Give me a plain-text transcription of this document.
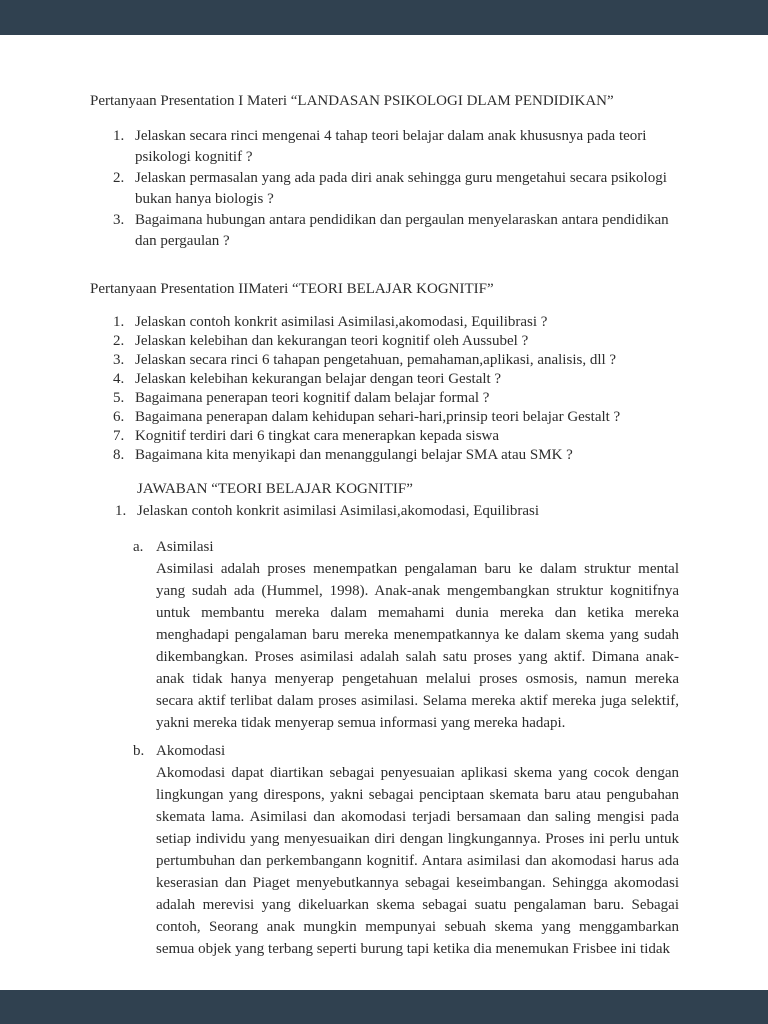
Pertanyaan Presentation I Materi “LANDASAN PSIKOLOGI DLAM PENDIDIKAN”

1. Jelaskan secara rinci mengenai 4 tahap teori belajar dalam anak khususnya pada teori psikologi kognitif ?
2. Jelaskan permasalan yang ada pada diri anak sehingga guru mengetahui secara psikologi bukan hanya biologis ?
3. Bagaimana hubungan antara pendidikan dan pergaulan menyelaraskan antara pendidikan dan pergaulan ?

Pertanyaan Presentation IIMateri “TEORI BELAJAR KOGNITIF”

1. Jelaskan contoh konkrit asimilasi Asimilasi,akomodasi, Equilibrasi ?
2. Jelaskan kelebihan dan kekurangan teori kognitif oleh Aussubel ?
3. Jelaskan secara rinci 6 tahapan pengetahuan, pemahaman,aplikasi, analisis, dll ?
4. Jelaskan kelebihan kekurangan belajar dengan teori Gestalt ?
5. Bagaimana penerapan teori kognitif dalam belajar formal ?
6. Bagaimana penerapan dalam kehidupan sehari-hari,prinsip teori belajar Gestalt ?
7. Kognitif terdiri dari 6 tingkat cara menerapkan kepada siswa
8. Bagaimana kita menyikapi dan menanggulangi belajar SMA atau SMK ?

JAWABAN “TEORI BELAJAR KOGNITIF”

1. Jelaskan contoh konkrit asimilasi Asimilasi,akomodasi, Equilibrasi
a. Asimilasi
Asimilasi adalah proses menempatkan pengalaman baru ke dalam struktur mental yang sudah ada (Hummel, 1998). Anak-anak mengembangkan struktur kognitifnya untuk membantu mereka dalam memahami dunia mereka dan ketika mereka menghadapi pengalaman baru mereka menempatkannya ke dalam skema yang sudah dikembangkan. Proses asimilasi adalah salah satu proses yang aktif. Dimana anak-anak tidak hanya menyerap pengetahuan melalui proses osmosis, namun mereka secara aktif terlibat dalam proses asimilasi. Selama mereka aktif mereka juga selektif, yakni mereka tidak menyerap semua informasi yang mereka hadapi.
b. Akomodasi
Akomodasi dapat diartikan sebagai penyesuaian aplikasi skema yang cocok dengan lingkungan yang direspons, yakni sebagai penciptaan skemata baru atau pengubahan skemata lama. Asimilasi dan akomodasi terjadi bersamaan dan saling mengisi pada setiap individu yang menyesuaikan diri dengan lingkungannya. Proses ini perlu untuk pertumbuhan dan perkembangann kognitif. Antara asimilasi dan akomodasi harus ada keserasian dan Piaget menyebutkannya sebagai keseimbangan. Sehingga akomodasi adalah merevisi yang dikeluarkan skema sebagai suatu pengalaman baru. Sebagai contoh, Seorang anak mungkin mempunyai sebuah skema yang menggambarkan semua objek yang terbang seperti burung tapi ketika dia menemukan Frisbee ini tidak
